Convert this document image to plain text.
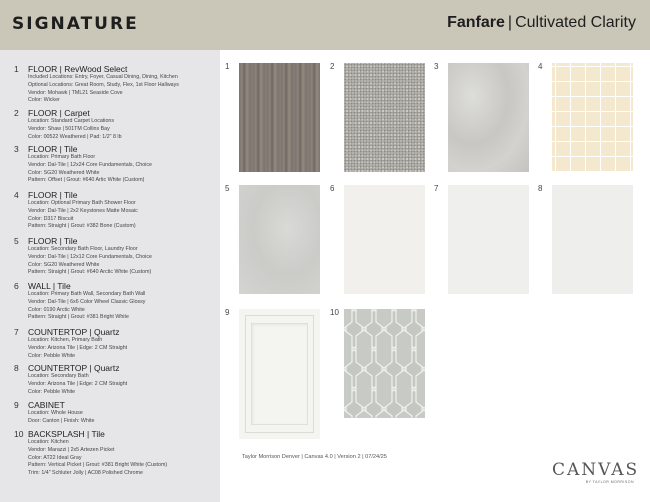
SIGNATURE	Fanfare | Cultivated Clarity
1 FLOOR | RevWood Select
Included Locations: Entry, Foyer, Casual Dining, Dining, Kitchen
Optional Locations: Great Room, Study, Flex, 1st Floor Hallways
Vendor: Mohawk | TML21 Seaside Cove
Color: Wicker
2 FLOOR | Carpet
Location: Standard Carpet Locations
Vendor: Shaw | 501TM Collins Bay
Color: 00522 Weathered | Pad: 1/2" 8 lb
3 FLOOR | Tile
Location: Primary Bath Floor
Vendor: Dal-Tile | 12x24 Core Fundamentals, Choice
Color: SG20 Weathered White
Pattern: Offset | Grout: #640 Artic White (Custom)
4 FLOOR | Tile
Location: Optional Primary Bath Shower Floor
Vendor: Dal-Tile | 2x2 Keystones Matte Mosaic
Color: D317 Biscuit
Pattern: Straight | Grout: #382 Bone (Custom)
5 FLOOR | Tile
Location: Secondary Bath Floor, Laundry Floor
Vendor: Dal-Tile | 12x12 Core Fundamentals, Choice
Color: SG20 Weathered White
Pattern: Straight | Grout: #640 Arctic White (Custom)
6 WALL | Tile
Location: Primary Bath Wall, Secondary Bath Wall
Vendor: Dal-Tile | 6x6 Color Wheel Classic Glossy
Color: 0190 Arctic White
Pattern: Straight | Grout: #381 Bright White
7 COUNTERTOP | Quartz
Location: Kitchen, Primary Bath
Vendor: Arizona Tile | Edge: 2 CM Straight
Color: Pebble White
8 COUNTERTOP | Quartz
Location: Secondary Bath
Vendor: Arizona Tile | Edge: 2 CM Straight
Color: Pebble White
9 CABINET
Location: Whole House
Door: Canton | Finish: White
10 BACKSPLASH | Tile
Location: Kitchen
Vendor: Marazzi | 2x5 Artezen Picket
Color: AT22 Ideal Gray
Pattern: Vertical Picket | Grout: #381 Bright White (Custom)
Trim: 1/4" Schluter Jolly | AC08 Polished Chrome
1	2	3	4
5	6	7	8
9	10
Taylor Morrison Denver | Canvas 4.0 | Version 2 | 07/24/25
CANVAS
BY TAYLOR MORRISON
